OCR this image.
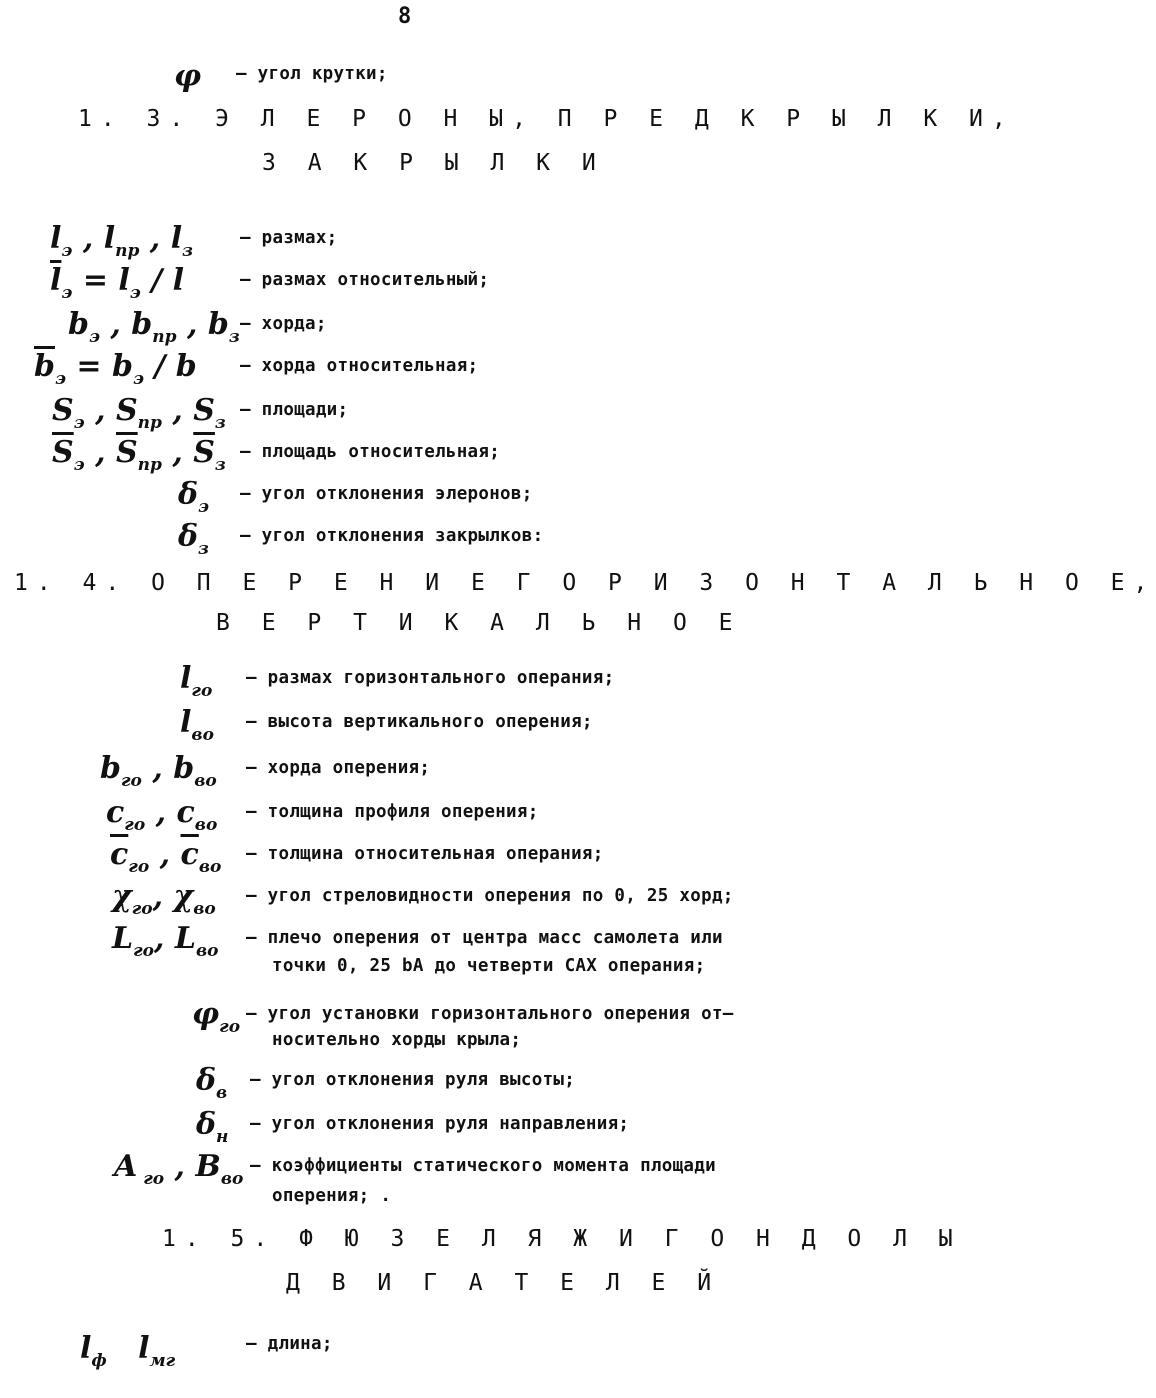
8
φ – угол крутки;
1. 3. Э Л Е Р О Н Ы, П Р Е Д К Р Ы Л К И,
З А К Р Ы Л К И
$l_э$ , $l_{пр}$ , $l_з$
– размах;
$\overline{l}_э = l_э / l$	– размах относительный;
$b_э$ , $b_{пр}$ , $b_з$
– хорда;
$\overline{b}_э = b_э / b$ – хорда относительная;
$S_э$ , $S_{пр}$ , $S_з$
– площади;
$\overline{S}_э$ , $\overline{S}_{пр}$ , $\overline{S}_з$
– площадь относительная;
$\delta_э$
– угол отклонения элеронов;
$\delta_з$
– угол отклонения закрылков:
1. 4. О П Е Р Е Н И Е Г О Р И З О Н Т А Л Ь Н О Е,
В Е Р Т И К А Л Ь Н О Е
$l_{го}$
– размах горизонтального операния;
$l_{во}$
– высота вертикального оперения;
$b_{го}$ , $b_{во}$
– хорда оперения;
$c_{го}$ , $c_{во}$
– толщина профиля оперения;
$\overline{c}_{го}$ , $\overline{c}_{во}$
– толщина относительная операния;
$\chi_{го}$, $\chi_{во}$
– угол стреловидности оперения по 0, 25 хорд;
$L_{го}$, $L_{во}$
– плечо оперения от центра масс самолета или
точки 0, 25 bА до четверти САХ операния;
$\varphi_{го}$
– угол установки горизонтального оперения от–
носительно хорды крыла;
$\delta_в$
– угол отклонения руля высоты;
$\delta_н$
– угол отклонения руля направления;
A $_{го}$ , $B_{во}$
– коэффициенты статического момента площади
оперения; .
1. 5. Ф Ю З Е Л Я Ж И Г О Н Д О Л Ы
Д В И Г А Т Е Л Е Й
$l_ф$   $l_{мг}$
– длина;
